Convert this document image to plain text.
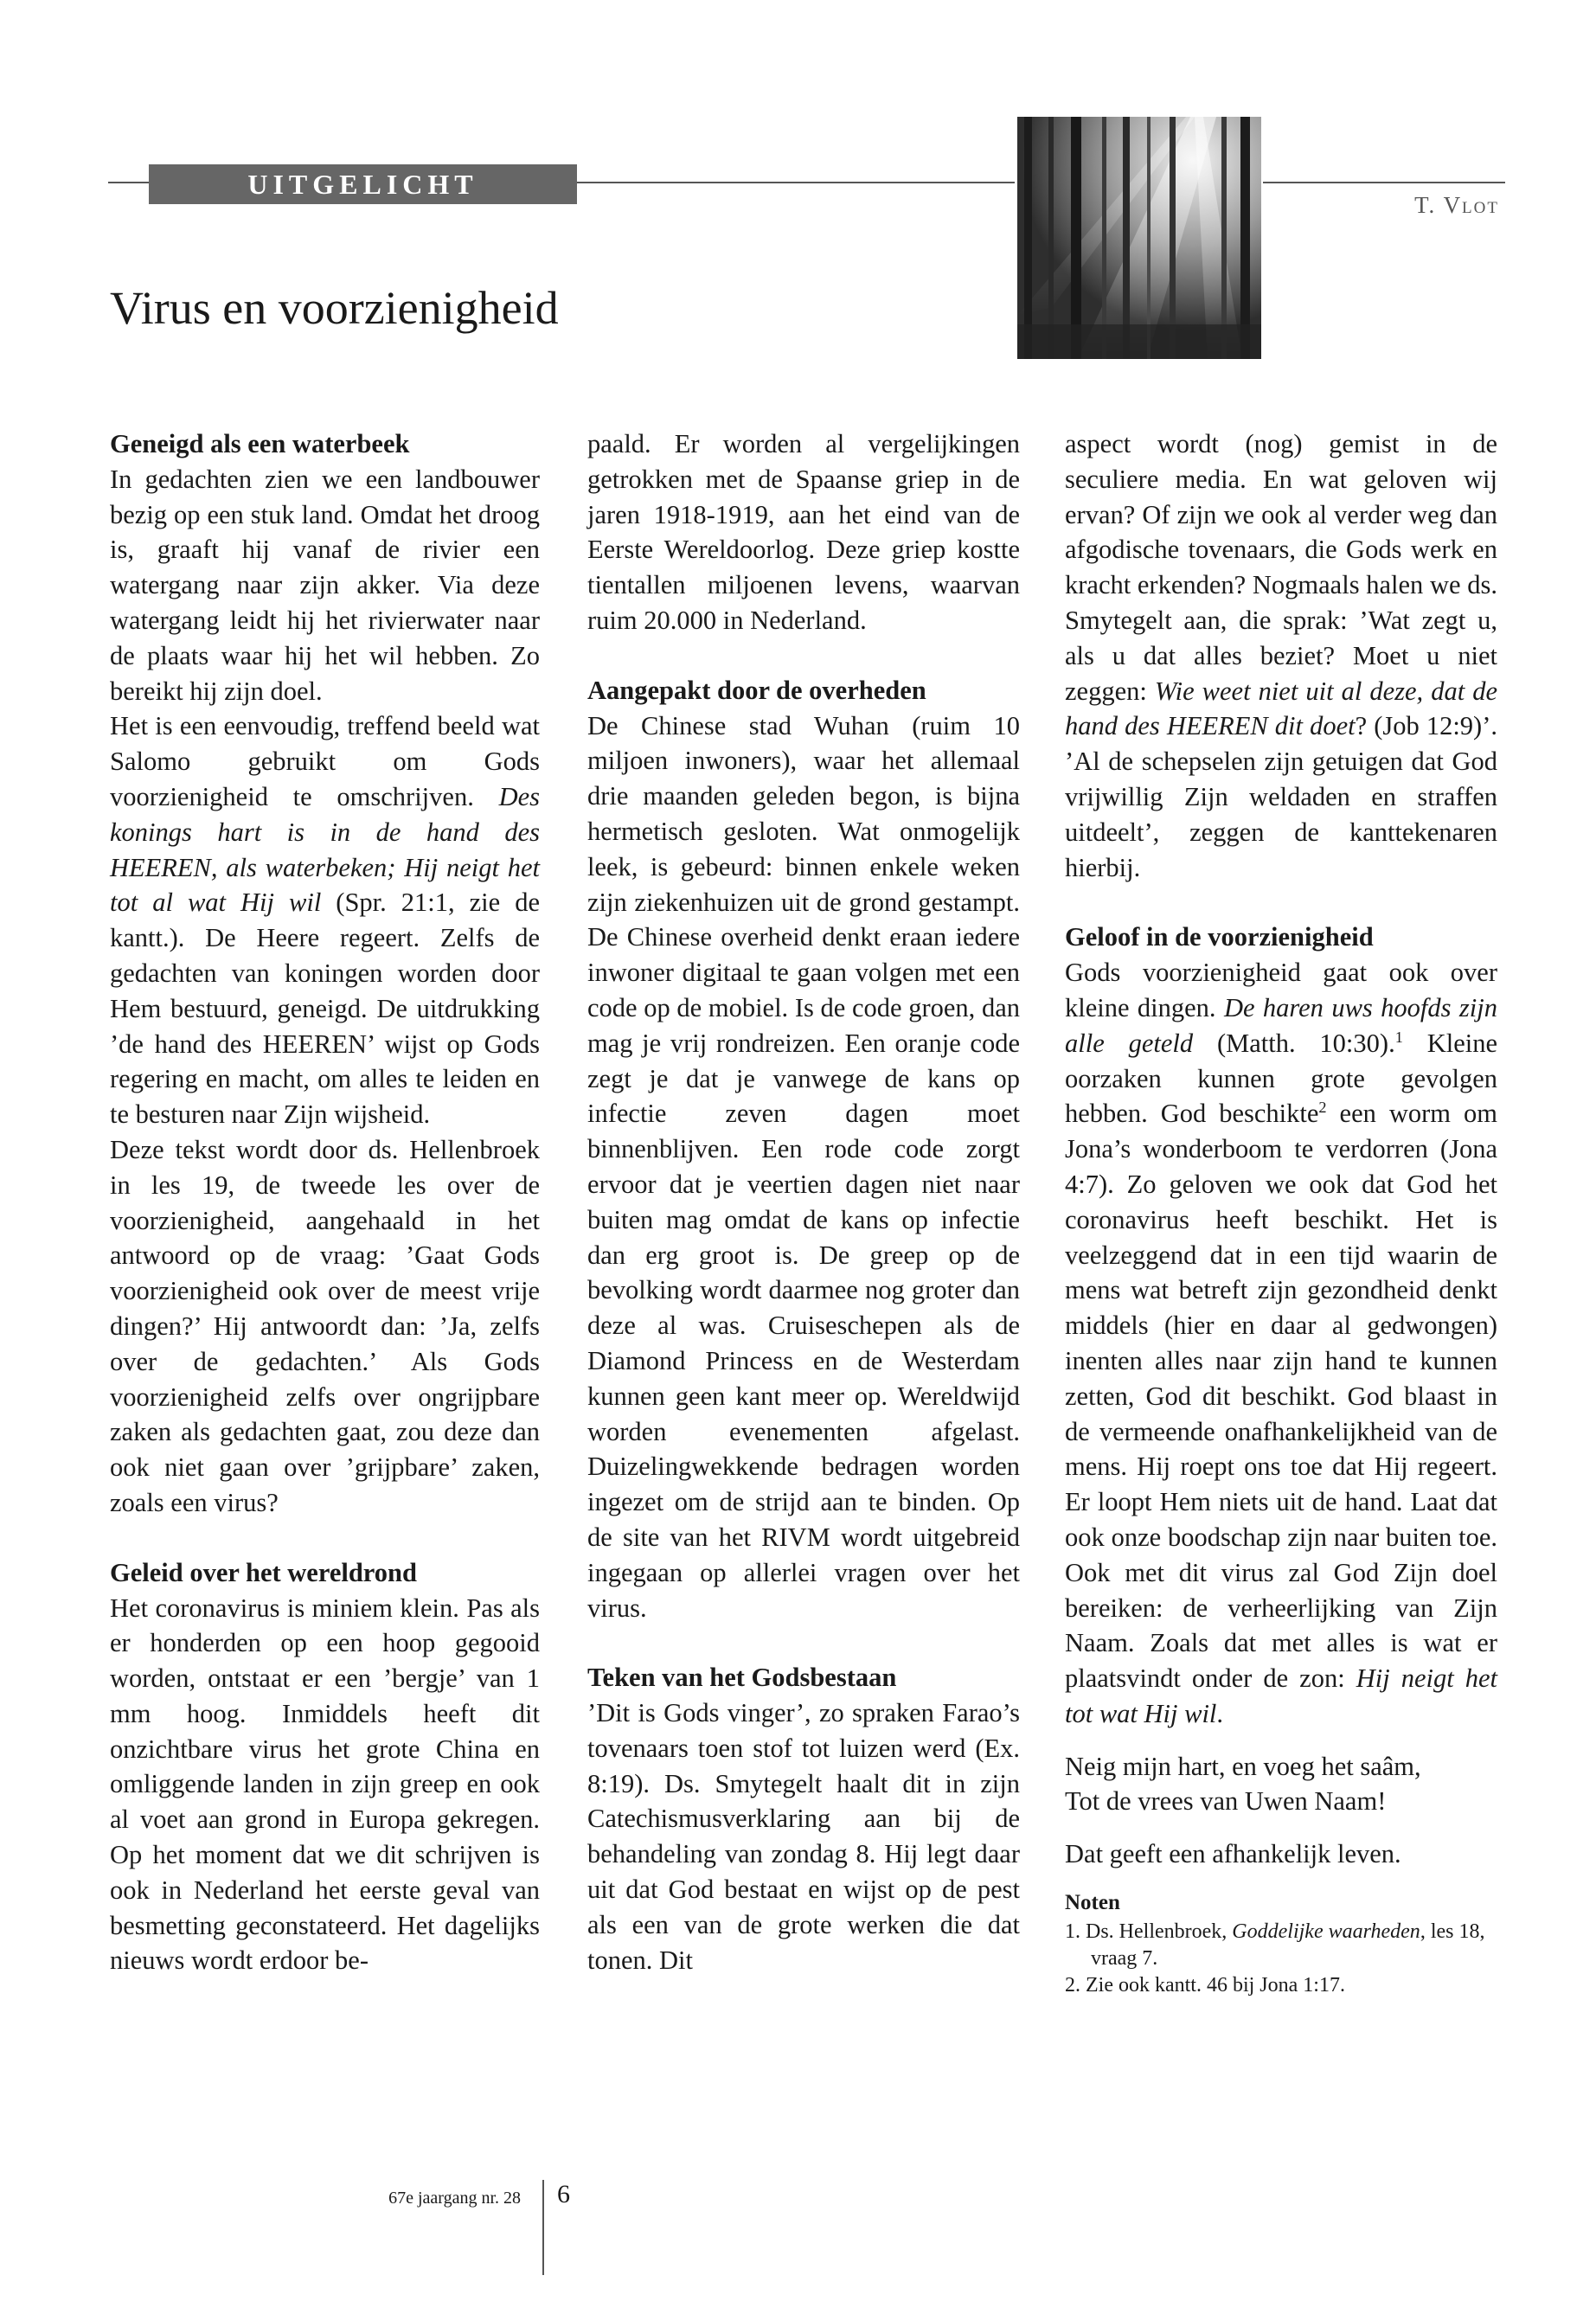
UITGELICHT
T. Vlot
Virus en voorzienigheid
Geneigd als een waterbeek

In gedachten zien we een landbouwer bezig op een stuk land. Omdat het droog is, graaft hij vanaf de rivier een watergang naar zijn akker. Via deze watergang leidt hij het rivierwater naar de plaats waar hij het wil hebben. Zo bereikt hij zijn doel.

Het is een eenvoudig, treffend beeld wat Salomo gebruikt om Gods voorzienigheid te omschrijven. Des konings hart is in de hand des HEEREN, als waterbeken; Hij neigt het tot al wat Hij wil (Spr. 21:1, zie de kantt.). De Heere regeert. Zelfs de gedachten van koningen worden door Hem bestuurd, geneigd. De uitdrukking ’de hand des HEEREN’ wijst op Gods regering en macht, om alles te leiden en te besturen naar Zijn wijsheid.

Deze tekst wordt door ds. Hellenbroek in les 19, de tweede les over de voorzienigheid, aangehaald in het antwoord op de vraag: ’Gaat Gods voorzienigheid ook over de meest vrije dingen?’ Hij antwoordt dan: ’Ja, zelfs over de gedachten.’ Als Gods voorzienigheid zelfs over ongrijpbare zaken als gedachten gaat, zou deze dan ook niet gaan over ’grijpbare’ zaken, zoals een virus?

Geleid over het wereldrond

Het coronavirus is miniem klein. Pas als er honderden op een hoop gegooid worden, ontstaat er een ’bergje’ van 1 mm hoog. Inmiddels heeft dit onzichtbare virus het grote China en omliggende landen in zijn greep en ook al voet aan grond in Europa gekregen. Op het moment dat we dit schrijven is ook in Nederland het eerste geval van besmetting geconstateerd. Het dagelijks nieuws wordt erdoor be-

paald. Er worden al vergelijkingen getrokken met de Spaanse griep in de jaren 1918-1919, aan het eind van de Eerste Wereldoorlog. Deze griep kostte tientallen miljoenen levens, waarvan ruim 20.000 in Nederland.

Aangepakt door de overheden

De Chinese stad Wuhan (ruim 10 miljoen inwoners), waar het allemaal drie maanden geleden begon, is bijna hermetisch gesloten. Wat onmogelijk leek, is gebeurd: binnen enkele weken zijn ziekenhuizen uit de grond gestampt. De Chinese overheid denkt eraan iedere inwoner digitaal te gaan volgen met een code op de mobiel. Is de code groen, dan mag je vrij rondreizen. Een oranje code zegt je dat je vanwege de kans op infectie zeven dagen moet binnenblijven. Een rode code zorgt ervoor dat je veertien dagen niet naar buiten mag omdat de kans op infectie dan erg groot is. De greep op de bevolking wordt daarmee nog groter dan deze al was. Cruiseschepen als de Diamond Princess en de Westerdam kunnen geen kant meer op. Wereldwijd worden evenementen afgelast. Duizelingwekkende bedragen worden ingezet om de strijd aan te binden. Op de site van het RIVM wordt uitgebreid ingegaan op allerlei vragen over het virus.

Teken van het Godsbestaan

’Dit is Gods vinger’, zo spraken Farao’s tovenaars toen stof tot luizen werd (Ex. 8:19). Ds. Smytegelt haalt dit in zijn Catechismusverklaring aan bij de behandeling van zondag 8. Hij legt daar uit dat God bestaat en wijst op de pest als een van de grote werken die dat tonen. Dit

aspect wordt (nog) gemist in de seculiere media. En wat geloven wij ervan? Of zijn we ook al verder weg dan afgodische tovenaars, die Gods werk en kracht erkenden? Nogmaals halen we ds. Smytegelt aan, die sprak: ’Wat zegt u, als u dat alles beziet? Moet u niet zeggen: Wie weet niet uit al deze, dat de hand des HEEREN dit doet? (Job 12:9)’. ’Al de schepselen zijn getuigen dat God vrijwillig Zijn weldaden en straffen uitdeelt’, zeggen de kanttekenaren hierbij.

Geloof in de voorzienigheid

Gods voorzienigheid gaat ook over kleine dingen. De haren uws hoofds zijn alle geteld (Matth. 10:30).$^1$ Kleine oorzaken kunnen grote gevolgen hebben. God beschikte$^2$ een worm om Jona’s wonderboom te verdorren (Jona 4:7). Zo geloven we ook dat God het coronavirus heeft beschikt. Het is veelzeggend dat in een tijd waarin de mens wat betreft zijn gezondheid denkt middels (hier en daar al gedwongen) inenten alles naar zijn hand te kunnen zetten, God dit beschikt. God blaast in de vermeende onafhankelijkheid van de mens. Hij roept ons toe dat Hij regeert. Er loopt Hem niets uit de hand. Laat dat ook onze boodschap zijn naar buiten toe. Ook met dit virus zal God Zijn doel bereiken: de verheerlijking van Zijn Naam. Zoals dat met alles is wat er plaatsvindt onder de zon: Hij neigt het tot wat Hij wil.

Neig mijn hart, en voeg het saâm,

Tot de vrees van Uwen Naam!

Dat geeft een afhankelijk leven.

Noten
1. Ds. Hellenbroek, Goddelijke waarheden, les 18, vraag 7.
2. Zie ook kantt. 46 bij Jona 1:17.
67e jaargang nr. 28 6
